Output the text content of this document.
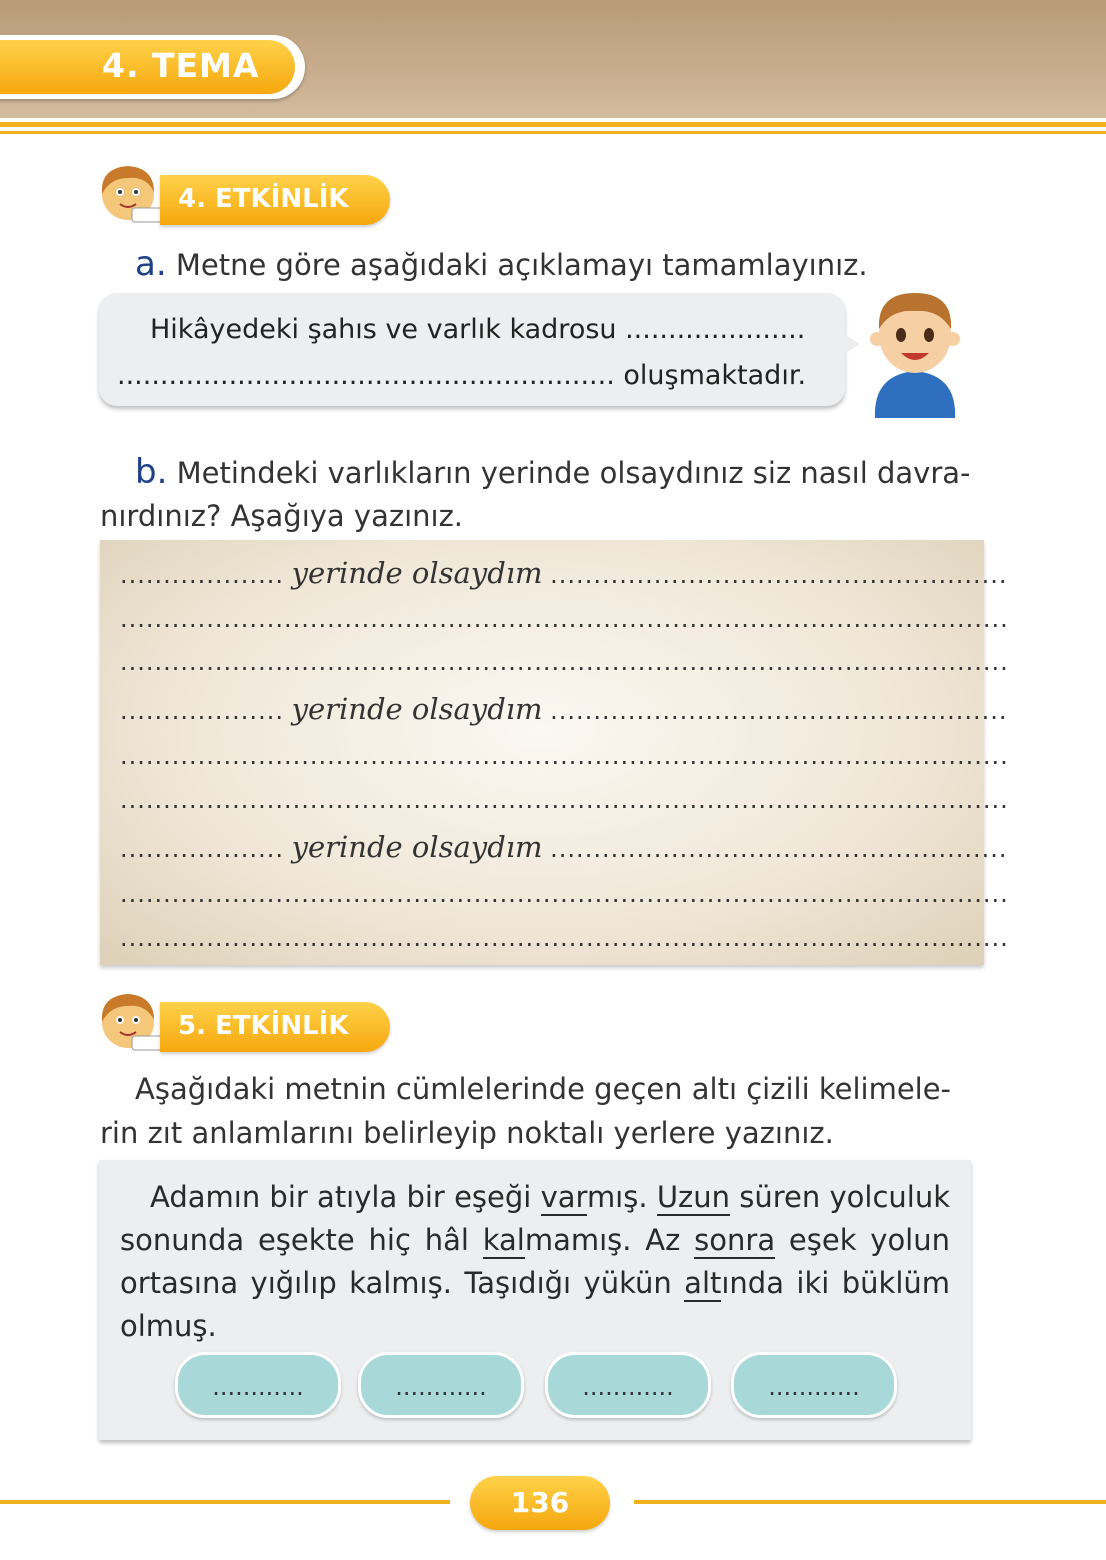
4. TEMA
4. ETKİNLİK
a. Metne göre aşağıdaki açıklamayı tamamlayınız.
Hikâyedeki şahıs ve varlık kadrosu .....................
.......................................................... oluşmaktadır.
b. Metindeki varlıkların yerinde olsaydınız siz nasıl davra-
nırdınız? Aşağıya yazınız.
................... yerinde olsaydım .....................................................
.......................................................................................................
.......................................................................................................
................... yerinde olsaydım .....................................................
.......................................................................................................
.......................................................................................................
................... yerinde olsaydım .....................................................
.......................................................................................................
.......................................................................................................
5. ETKİNLİK
Aşağıdaki metnin cümlelerinde geçen altı çizili kelimele-
rin zıt anlamlarını belirleyip noktalı yerlere yazınız.
Adamın bir atıyla bir eşeği varmış. Uzun süren yolculuk sonunda eşekte hiç hâl kalmamış. Az sonra eşek yolun ortasına yığılıp kalmış. Taşıdığı yükün altında iki büklüm olmuş.
............	............	............	............
136
